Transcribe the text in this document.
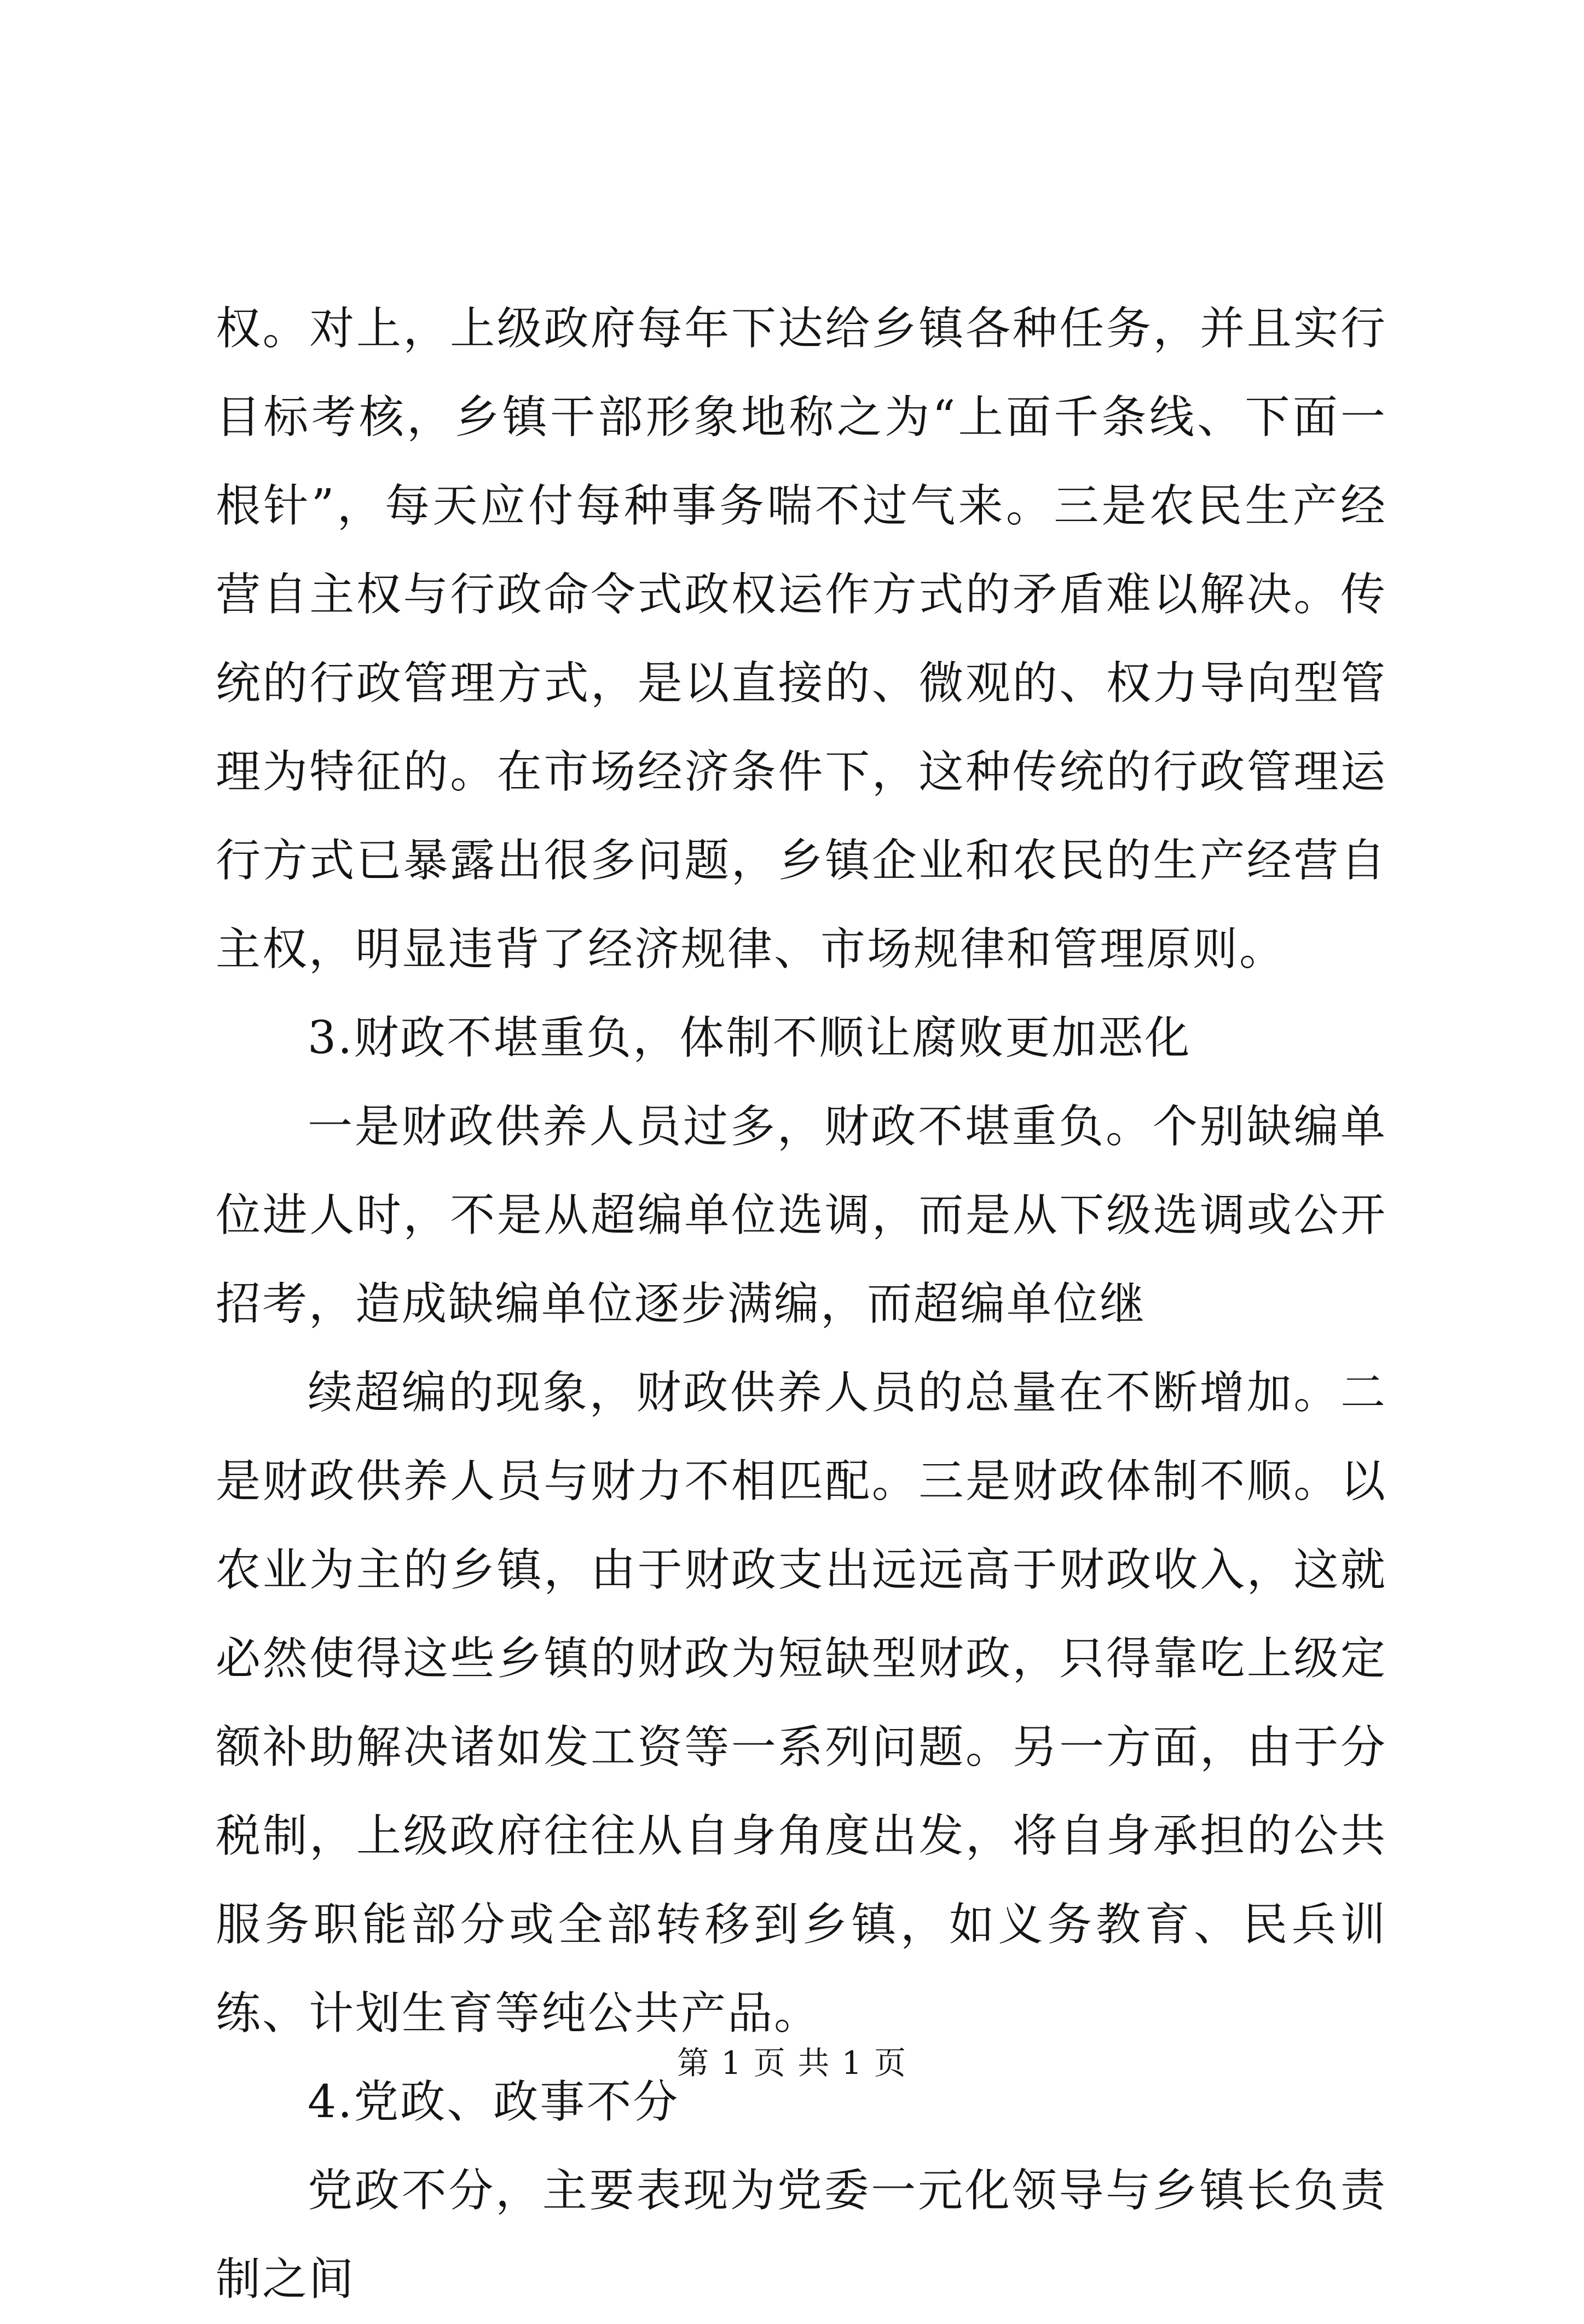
权。对上，上级政府每年下达给乡镇各种任务，并且实行目标考核，乡镇干部形象地称之为“上面千条线、下面一根针”，每天应付每种事务喘不过气来。三是农民生产经营自主权与行政命令式政权运作方式的矛盾难以解决。传统的行政管理方式，是以直接的、微观的、权力导向型管理为特征的。在市场经济条件下，这种传统的行政管理运行方式已暴露出很多问题，乡镇企业和农民的生产经营自主权，明显违背了经济规律、市场规律和管理原则。

3.财政不堪重负，体制不顺让腐败更加恶化

一是财政供养人员过多，财政不堪重负。个别缺编单位进人时，不是从超编单位选调，而是从下级选调或公开招考，造成缺编单位逐步满编，而超编单位继

续超编的现象，财政供养人员的总量在不断增加。二是财政供养人员与财力不相匹配。三是财政体制不顺。以农业为主的乡镇，由于财政支出远远高于财政收入，这就必然使得这些乡镇的财政为短缺型财政，只得靠吃上级定额补助解决诸如发工资等一系列问题。另一方面，由于分税制，上级政府往往从自身角度出发，将自身承担的公共服务职能部分或全部转移到乡镇，如义务教育、民兵训练、计划生育等纯公共产品。

4.党政、政事不分

党政不分，主要表现为党委一元化领导与乡镇长负责制之间

第 1 页 共 1 页
